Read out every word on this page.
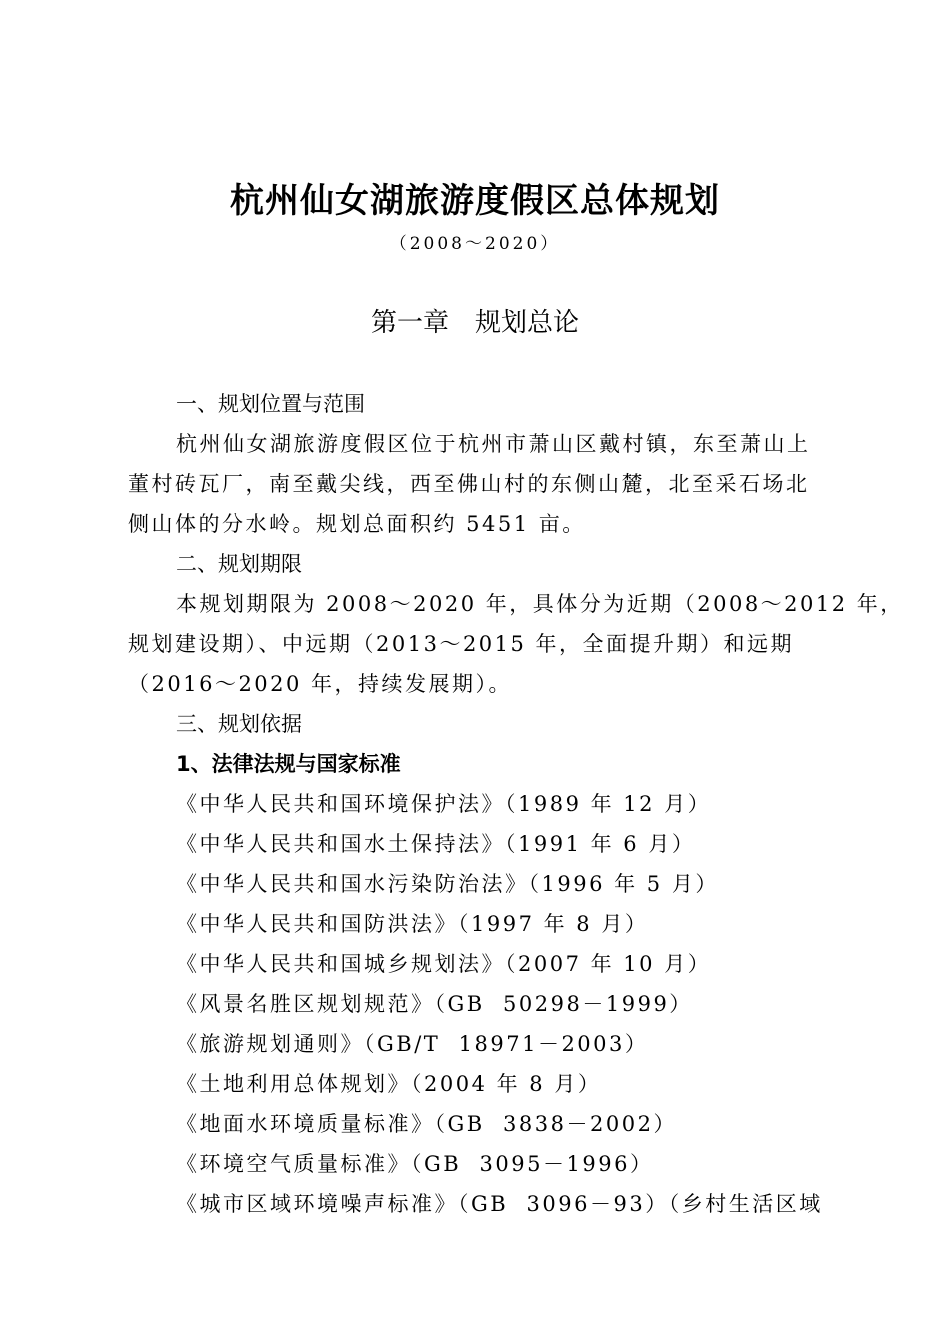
杭州仙女湖旅游度假区总体规划
（2008～2020）
第一章　规划总论
一、规划位置与范围
杭州仙女湖旅游度假区位于杭州市萧山区戴村镇，东至萧山上
董村砖瓦厂，南至戴尖线，西至佛山村的东侧山麓，北至采石场北
侧山体的分水岭。规划总面积约 5451 亩。
二、规划期限
本规划期限为 2008～2020 年，具体分为近期（2008～2012 年，
规划建设期）、中远期（2013～2015 年，全面提升期）和远期
（2016～2020 年，持续发展期）。
三、规划依据
1、法律法规与国家标准
《中华人民共和国环境保护法》（1989 年 12 月）
《中华人民共和国水土保持法》（1991 年 6 月）
《中华人民共和国水污染防治法》（1996 年 5 月）
《中华人民共和国防洪法》（1997 年 8 月）
《中华人民共和国城乡规划法》（2007 年 10 月）
《风景名胜区规划规范》（GB  50298－1999）
《旅游规划通则》（GB/T  18971－2003）
《土地利用总体规划》（2004 年 8 月）
《地面水环境质量标准》（GB  3838－2002）
《环境空气质量标准》（GB  3095－1996）
《城市区域环境噪声标准》（GB  3096－93）（乡村生活区域
